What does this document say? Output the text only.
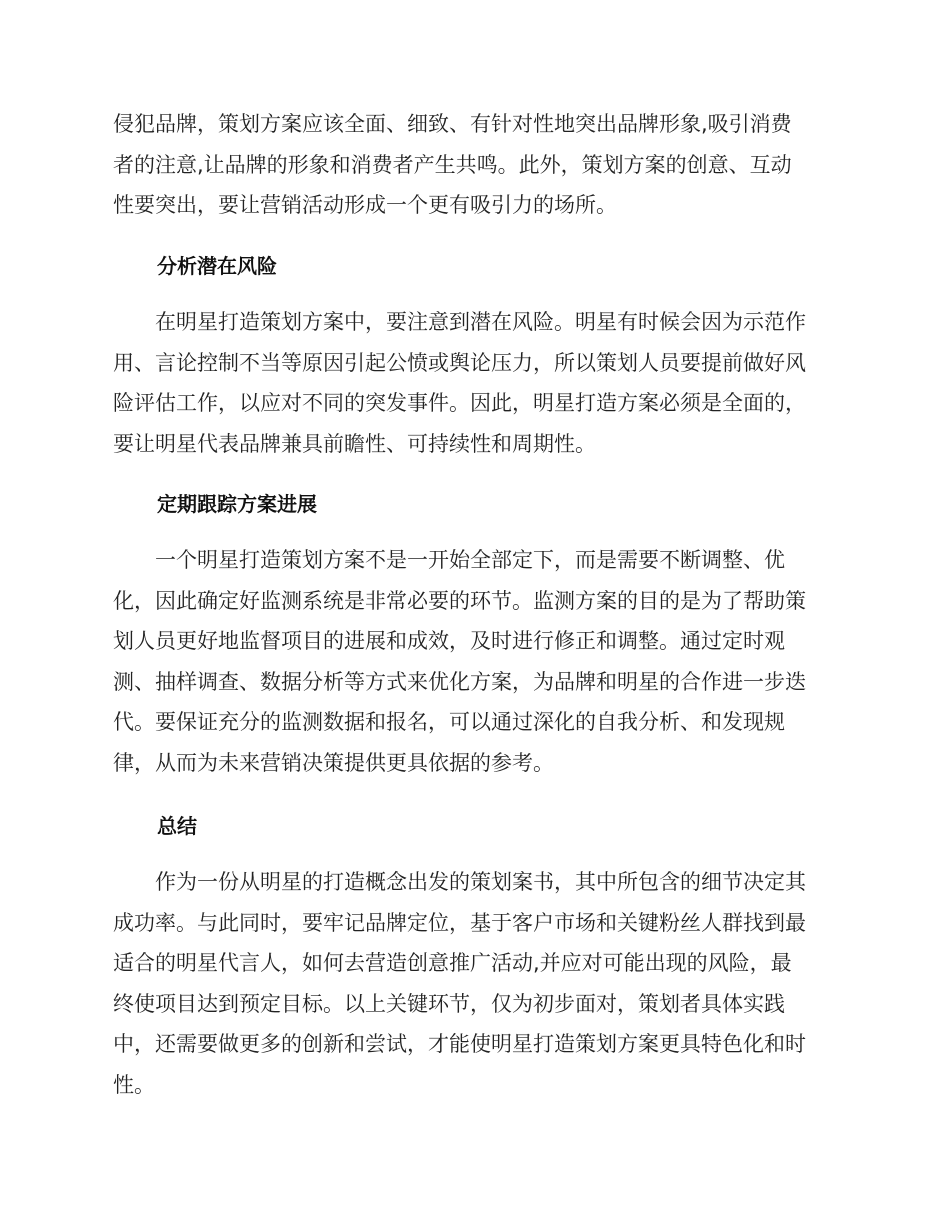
侵犯品牌，策划方案应该全面、细致、有针对性地突出品牌形象,吸引消费
者的注意,让品牌的形象和消费者产生共鸣。此外，策划方案的创意、互动
性要突出，要让营销活动形成一个更有吸引力的场所。

分析潜在风险

在明星打造策划方案中，要注意到潜在风险。明星有时候会因为示范作
用、言论控制不当等原因引起公愤或舆论压力，所以策划人员要提前做好风
险评估工作，以应对不同的突发事件。因此，明星打造方案必须是全面的，
要让明星代表品牌兼具前瞻性、可持续性和周期性。

定期跟踪方案进展

一个明星打造策划方案不是一开始全部定下，而是需要不断调整、优
化，因此确定好监测系统是非常必要的环节。监测方案的目的是为了帮助策
划人员更好地监督项目的进展和成效，及时进行修正和调整。通过定时观
测、抽样调查、数据分析等方式来优化方案，为品牌和明星的合作进一步迭
代。要保证充分的监测数据和报名，可以通过深化的自我分析、和发现规
律，从而为未来营销决策提供更具依据的参考。

总结

作为一份从明星的打造概念出发的策划案书，其中所包含的细节决定其
成功率。与此同时，要牢记品牌定位，基于客户市场和关键粉丝人群找到最
适合的明星代言人，如何去营造创意推广活动,并应对可能出现的风险，最
终使项目达到预定目标。以上关键环节，仅为初步面对，策划者具体实践
中，还需要做更多的创新和尝试，才能使明星打造策划方案更具特色化和时
性。
